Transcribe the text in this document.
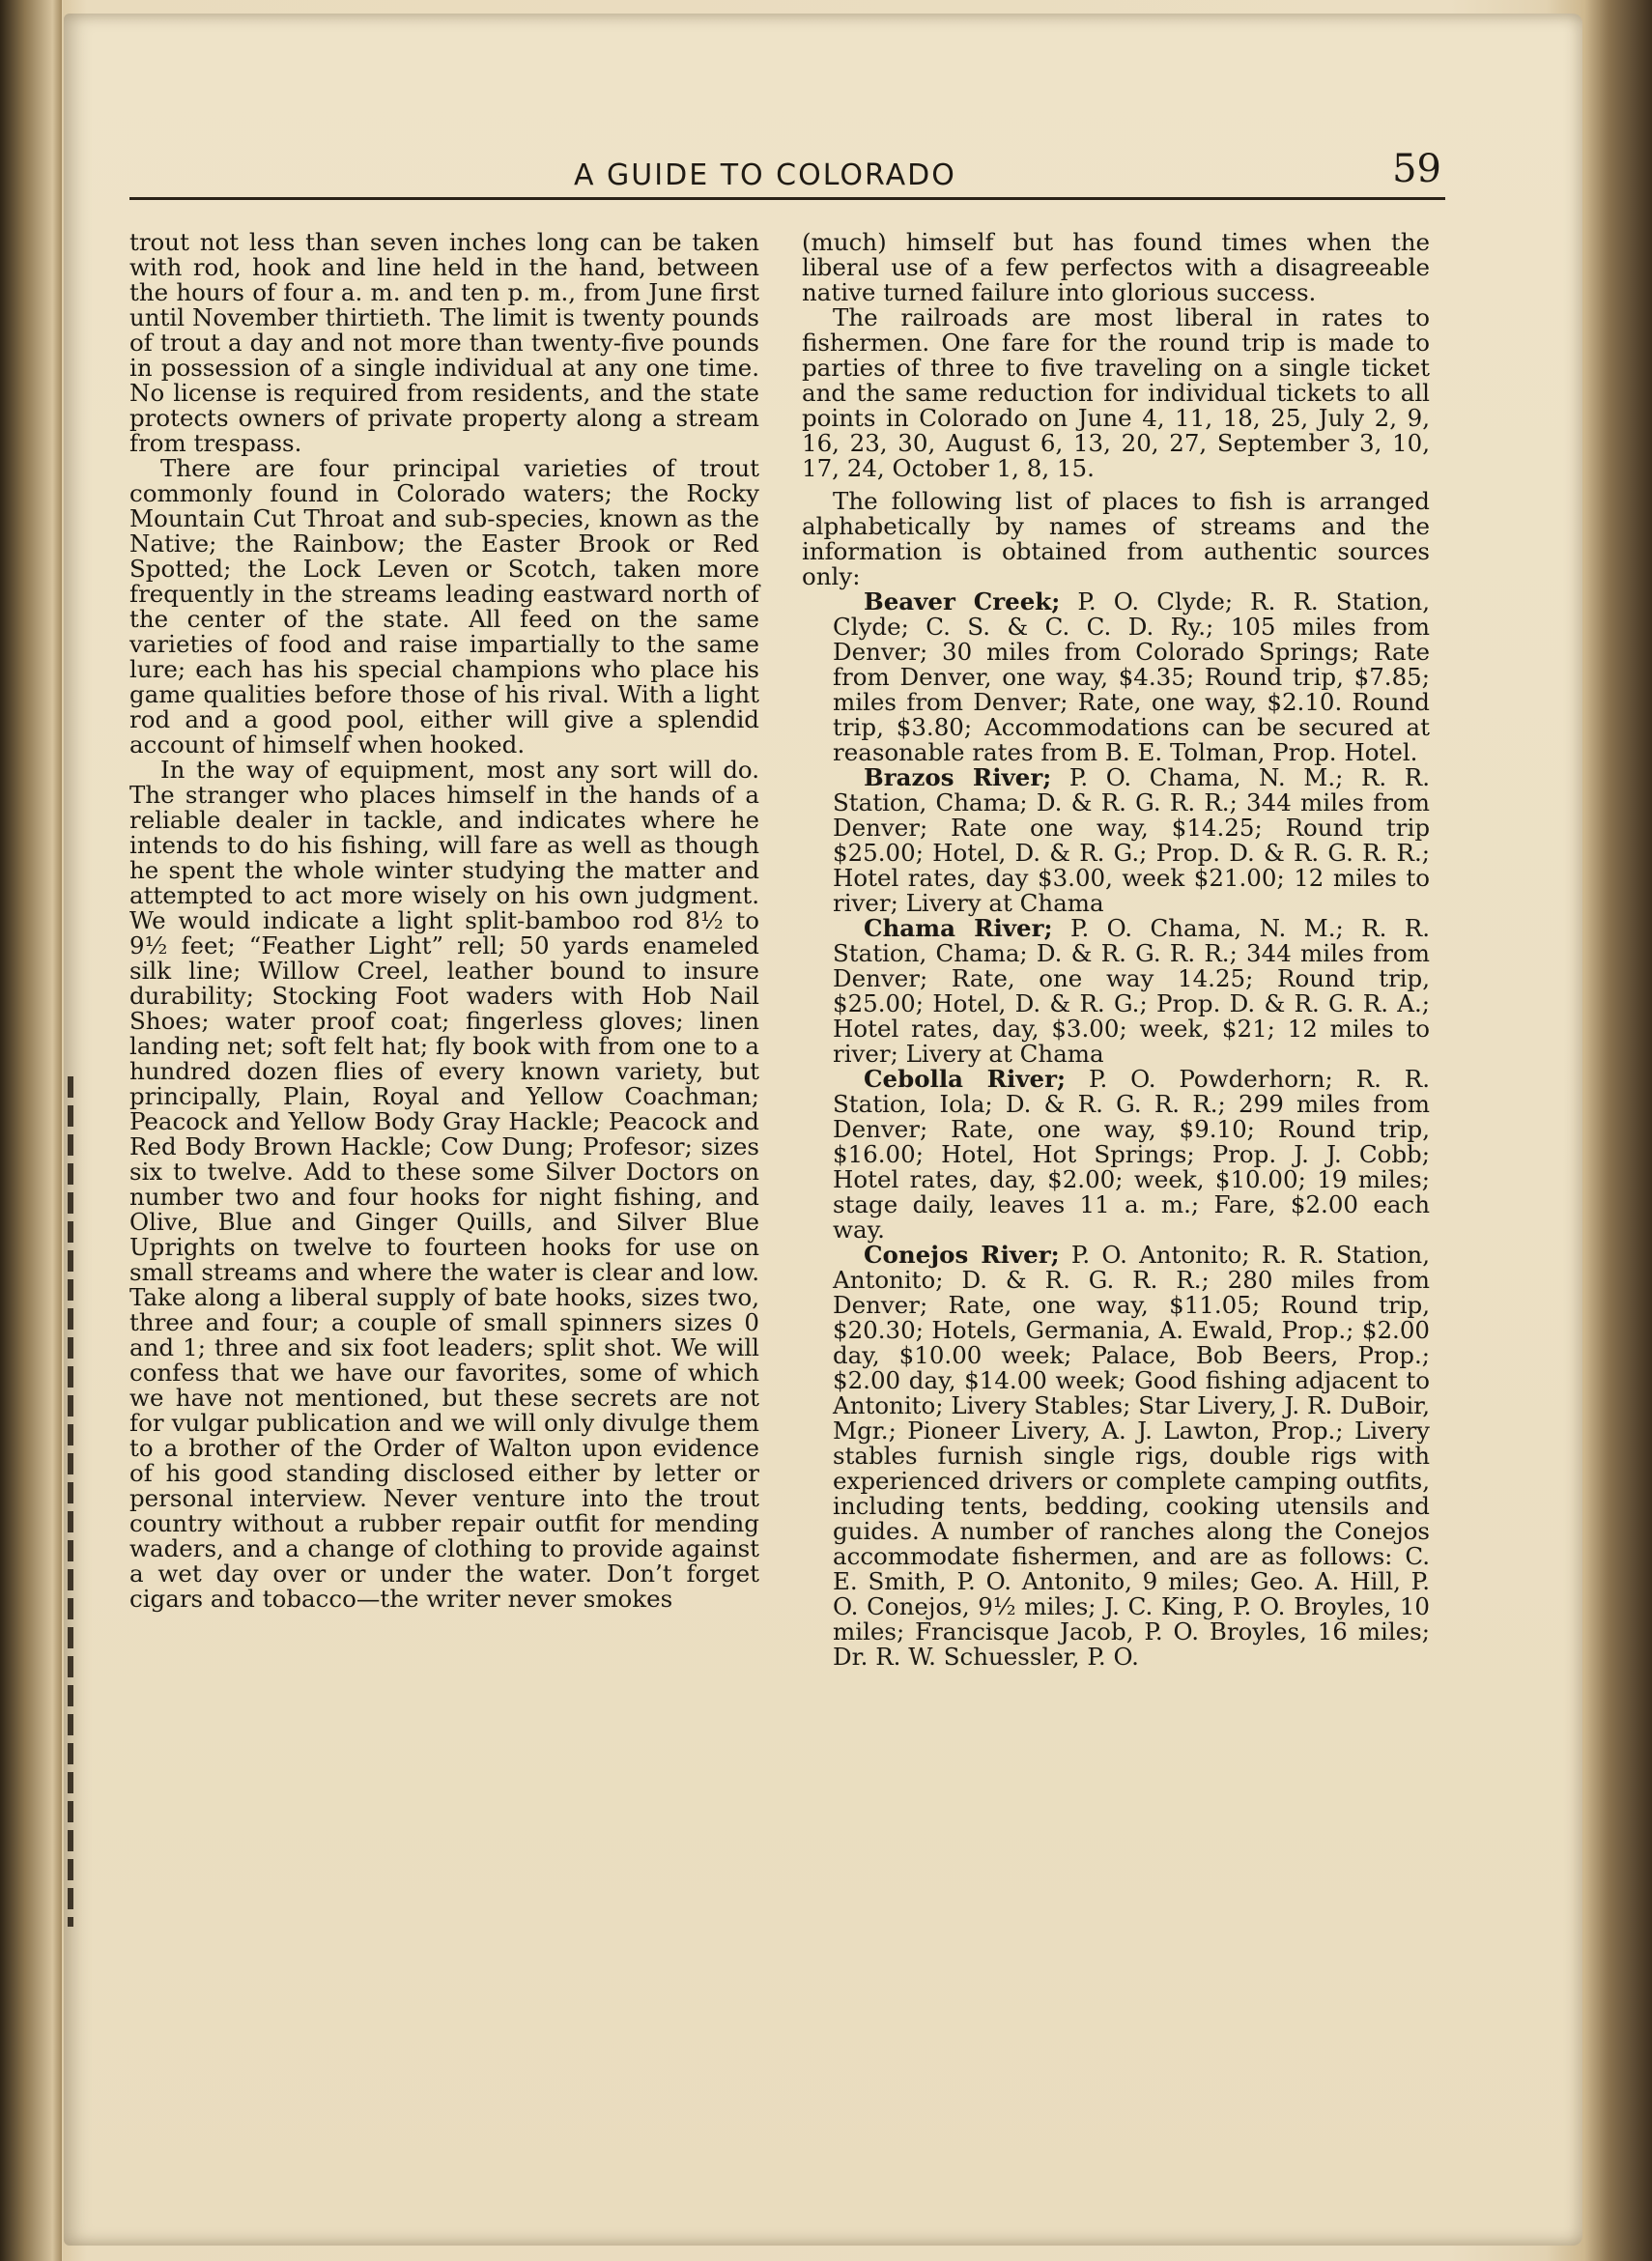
A GUIDE TO COLORADO	59

trout not less than seven inches long can be taken with rod, hook and line held in the hand, between the hours of four a. m. and ten p. m., from June first until November thirtieth. The limit is twenty pounds of trout a day and not more than twenty-five pounds in possession of a single individual at any one time. No license is required from residents, and the state protects owners of private property along a stream from trespass.

There are four principal varieties of trout commonly found in Colorado waters; the Rocky Mountain Cut Throat and sub-species, known as the Native; the Rainbow; the Easter Brook or Red Spotted; the Lock Leven or Scotch, taken more frequently in the streams leading eastward north of the center of the state. All feed on the same varieties of food and raise impartially to the same lure; each has his special champions who place his game qualities before those of his rival. With a light rod and a good pool, either will give a splendid account of himself when hooked.

In the way of equipment, most any sort will do. The stranger who places himself in the hands of a reliable dealer in tackle, and indicates where he intends to do his fishing, will fare as well as though he spent the whole winter studying the matter and attempted to act more wisely on his own judgment. We would indicate a light split-bamboo rod 8½ to 9½ feet; “Feather Light” rell; 50 yards enameled silk line; Willow Creel, leather bound to insure durability; Stocking Foot waders with Hob Nail Shoes; water proof coat; fingerless gloves; linen landing net; soft felt hat; fly book with from one to a hundred dozen flies of every known variety, but principally, Plain, Royal and Yellow Coachman; Peacock and Yellow Body Gray Hackle; Peacock and Red Body Brown Hackle; Cow Dung; Profesor; sizes six to twelve. Add to these some Silver Doctors on number two and four hooks for night fishing, and Olive, Blue and Ginger Quills, and Silver Blue Uprights on twelve to fourteen hooks for use on small streams and where the water is clear and low. Take along a liberal supply of bate hooks, sizes two, three and four; a couple of small spinners sizes 0 and 1; three and six foot leaders; split shot. We will confess that we have our favorites, some of which we have not mentioned, but these secrets are not for vulgar publication and we will only divulge them to a brother of the Order of Walton upon evidence of his good standing disclosed either by letter or personal interview. Never venture into the trout country without a rubber repair outfit for mending waders, and a change of clothing to provide against a wet day over or under the water. Don’t forget cigars and tobacco—the writer never smokes

(much) himself but has found times when the liberal use of a few perfectos with a disagreeable native turned failure into glorious success.

The railroads are most liberal in rates to fishermen. One fare for the round trip is made to parties of three to five traveling on a single ticket and the same reduction for individual tickets to all points in Colorado on June 4, 11, 18, 25, July 2, 9, 16, 23, 30, August 6, 13, 20, 27, September 3, 10, 17, 24, October 1, 8, 15.

The following list of places to fish is arranged alphabetically by names of streams and the information is obtained from authentic sources only:

Beaver Creek; P. O. Clyde; R. R. Station, Clyde; C. S. & C. C. D. Ry.; 105 miles from Denver; 30 miles from Colorado Springs; Rate from Denver, one way, $4.35; Round trip, $7.85; miles from Denver; Rate, one way, $2.10. Round trip, $3.80; Accommodations can be secured at reasonable rates from B. E. Tolman, Prop. Hotel.

Brazos River; P. O. Chama, N. M.; R. R. Station, Chama; D. & R. G. R. R.; 344 miles from Denver; Rate one way, $14.25; Round trip $25.00; Hotel, D. & R. G.; Prop. D. & R. G. R. R.; Hotel rates, day $3.00, week $21.00; 12 miles to river; Livery at Chama

Chama River; P. O. Chama, N. M.; R. R. Station, Chama; D. & R. G. R. R.; 344 miles from Denver; Rate, one way 14.25; Round trip, $25.00; Hotel, D. & R. G.; Prop. D. & R. G. R. A.; Hotel rates, day, $3.00; week, $21; 12 miles to river; Livery at Chama

Cebolla River; P. O. Powderhorn; R. R. Station, Iola; D. & R. G. R. R.; 299 miles from Denver; Rate, one way, $9.10; Round trip, $16.00; Hotel, Hot Springs; Prop. J. J. Cobb; Hotel rates, day, $2.00; week, $10.00; 19 miles; stage daily, leaves 11 a. m.; Fare, $2.00 each way.

Conejos River; P. O. Antonito; R. R. Station, Antonito; D. & R. G. R. R.; 280 miles from Denver; Rate, one way, $11.05; Round trip, $20.30; Hotels, Germania, A. Ewald, Prop.; $2.00 day, $10.00 week; Palace, Bob Beers, Prop.; $2.00 day, $14.00 week; Good fishing adjacent to Antonito; Livery Stables; Star Livery, J. R. DuBoir, Mgr.; Pioneer Livery, A. J. Lawton, Prop.; Livery stables furnish single rigs, double rigs with experienced drivers or complete camping outfits, including tents, bedding, cooking utensils and guides. A number of ranches along the Conejos accommodate fishermen, and are as follows: C. E. Smith, P. O. Antonito, 9 miles; Geo. A. Hill, P. O. Conejos, 9½ miles; J. C. King, P. O. Broyles, 10 miles; Francisque Jacob, P. O. Broyles, 16 miles; Dr. R. W. Schuessler, P. O.
